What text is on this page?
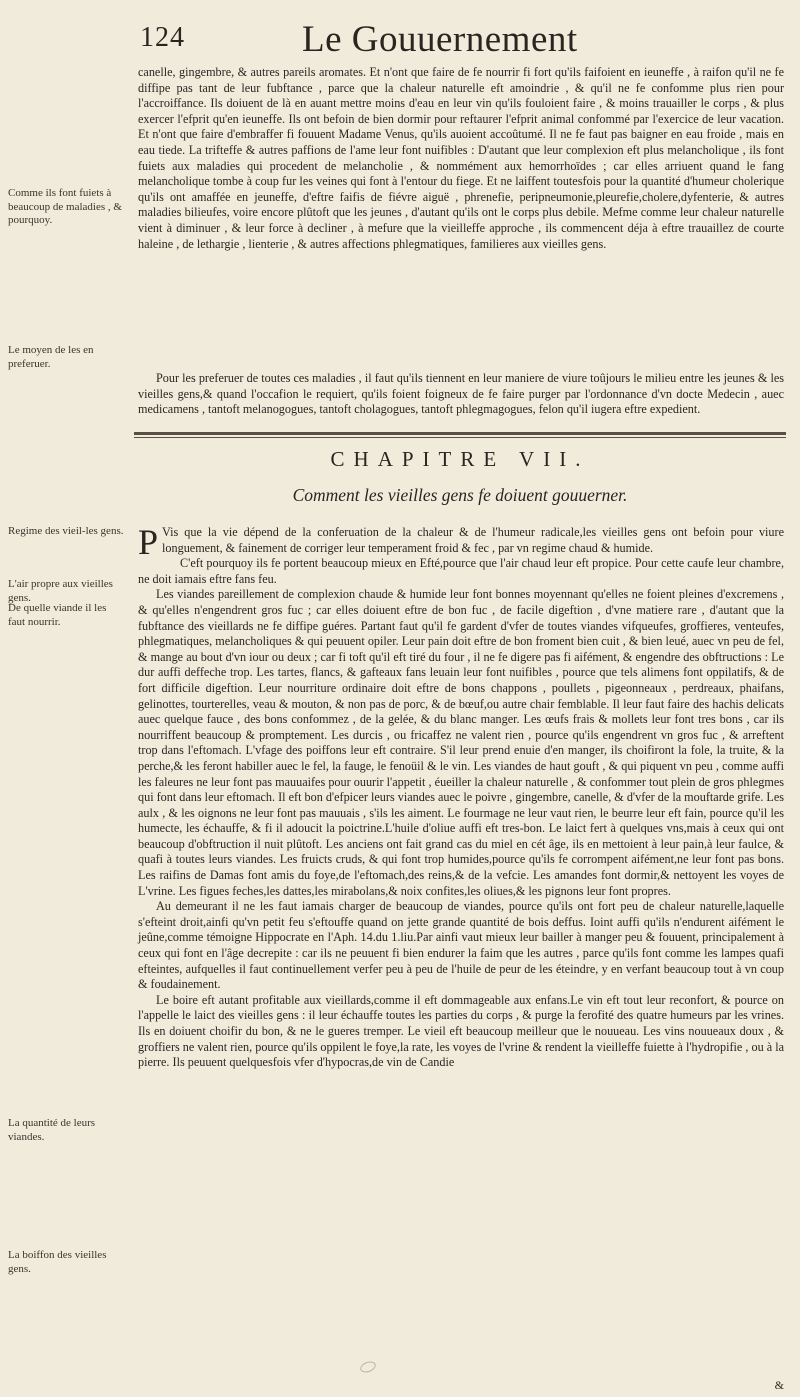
124	Le Gouuernement
Comme ils font fuiets à beaucoup de maladies , & pourquoy.
Le moyen de les en preferuer.
Regime des vieil-les gens.
L'air propre aux vieilles gens.
De quelle viande il les faut nourrir.
La quantité de leurs viandes.
La boiffon des vieilles gens.

canelle, gingembre, & autres pareils aromates. Et n'ont que faire de fe nourrir fi fort qu'ils faifoient en ieuneffe , à raifon qu'il ne fe diffipe pas tant de leur fubftance , parce que la chaleur naturelle eft amoindrie , & qu'il ne fe confomme plus rien pour l'accroiffance. Ils doiuent de là en auant mettre moins d'eau en leur vin qu'ils fouloient faire , & moins trauailler le corps , & plus exercer l'efprit qu'en ieuneffe. Ils ont befoin de bien dormir pour reftaurer l'efprit animal confommé par l'exercice de leur vacation. Et n'ont que faire d'embraffer fi fouuent Madame Venus, qu'ils auoient accoûtumé. Il ne fe faut pas baigner en eau froide , mais en eau tiede. La trifteffe & autres paffions de l'ame leur font nuifibles : D'autant que leur complexion eft plus melancholique , ils font fuiets aux maladies qui procedent de melancholie , & nommément aux hemorrhoïdes ; car elles arriuent quand le fang melancholique tombe à coup fur les veines qui font à l'entour du fiege. Et ne laiffent toutesfois pour la quantité d'humeur cholerique qu'ils ont amaffée en jeuneffe, d'eftre faifis de fiévre aiguë , phrenefie, peripneumonie,pleurefie,cholere,dyfenterie, & autres maladies bilieufes, voire encore plûtoft que les jeunes , d'autant qu'ils ont le corps plus debile. Mefme comme leur chaleur naturelle vient à diminuer , & leur force à decliner , à mefure que la vieilleffe approche , ils commencent déja à eftre trauaillez de courte haleine , de lethargie , lienterie , & autres affections phlegmatiques, familieres aux vieilles gens.

Pour les preferuer de toutes ces maladies , il faut qu'ils tiennent en leur maniere de viure toûjours le milieu entre les jeunes & les vieilles gens,& quand l'occafion le requiert, qu'ils foient foigneux de fe faire purger par l'ordonnance d'vn docte Medecin , auec medicamens , tantoft melanogogues, tantoft cholagogues, tantoft phlegmagogues, felon qu'il iugera eftre expedient.

CHAPITRE VII.
Comment les vieilles gens fe doiuent gouuerner.

P Vis que la vie dépend de la conferuation de la chaleur & de l'humeur radicale,les vieilles gens ont befoin pour viure longuement, & fainement de corriger leur temperament froid & fec , par vn regime chaud & humide.

C'eft pourquoy ils fe portent beaucoup mieux en Efté,pource que l'air chaud leur eft propice. Pour cette caufe leur chambre, ne doit iamais eftre fans feu.

Les viandes pareillement de complexion chaude & humide leur font bonnes moyennant qu'elles ne foient pleines d'excremens , & qu'elles n'engendrent gros fuc ; car elles doiuent eftre de bon fuc , de facile digeftion , d'vne matiere rare , d'autant que la fubftance des vieillards ne fe diffipe guéres. Partant faut qu'il fe gardent d'vfer de toutes viandes vifqueufes, groffieres, venteufes, phlegmatiques, melancholiques & qui peuuent opiler. Leur pain doit eftre de bon froment bien cuit , & bien leué, auec vn peu de fel, & mange au bout d'vn iour ou deux ; car fi toft qu'il eft tiré du four , il ne fe digere pas fi aifément, & engendre des obftructions : Le dur auffi deffeche trop. Les tartes, flancs, & gafteaux fans leuain leur font nuifibles , pource que tels alimens font oppilatifs, & de fort difficile digeftion. Leur nourriture ordinaire doit eftre de bons chappons , poullets , pigeonneaux , perdreaux, phaifans, gelinottes, tourterelles, veau & mouton, & non pas de porc, & de bœuf,ou autre chair femblable. Il leur faut faire des hachis delicats auec quelque fauce , des bons confommez , de la gelée, & du blanc manger. Les œufs frais & mollets leur font tres bons , car ils nourriffent beaucoup & promptement. Les durcis , ou fricaffez ne valent rien , pource qu'ils engendrent vn gros fuc , & arreftent trop dans l'eftomach. L'vfage des poiffons leur eft contraire. S'il leur prend enuie d'en manger, ils choifiront la fole, la truite, & la perche,& les feront habiller auec le fel, la fauge, le fenoüil & le vin. Les viandes de haut gouft , & qui piquent vn peu , comme auffi les faleures ne leur font pas mauuaifes pour ouurir l'appetit , éueiller la chaleur naturelle , & confommer tout plein de gros phlegmes qui font dans leur eftomach. Il eft bon d'efpicer leurs viandes auec le poivre , gingembre, canelle, & d'vfer de la mouftarde grife. Les aulx , & les oignons ne leur font pas mauuais , s'ils les aiment. Le fourmage ne leur vaut rien, le beurre leur eft fain, pource qu'il les humecte, les échauffe, & fi il adoucit la poictrine.L'huile d'oliue auffi eft tres-bon. Le laict fert à quelques vns,mais à ceux qui ont beaucoup d'obftruction il nuit plûtoft. Les anciens ont fait grand cas du miel en cét âge, ils en mettoient à leur pain,à leur faulce, & quafi à toutes leurs viandes. Les fruicts cruds, & qui font trop humides,pource qu'ils fe corrompent aifément,ne leur font pas bons. Les raifins de Damas font amis du foye,de l'eftomach,des reins,& de la vefcie. Les amandes font dormir,& nettoyent les voyes de L'vrine. Les figues feches,les dattes,les mirabolans,& noix confites,les oliues,& les pignons leur font propres.

Au demeurant il ne les faut iamais charger de beaucoup de viandes, pource qu'ils ont fort peu de chaleur naturelle,laquelle s'efteint droit,ainfi qu'vn petit feu s'eftouffe quand on jette grande quantité de bois deffus. Ioint auffi qu'ils n'endurent aifément le jeûne,comme témoigne Hippocrate en l'Aph. 14.du 1.liu.Par ainfi vaut mieux leur bailler à manger peu & fouuent, principalement à ceux qui font en l'âge decrepite : car ils ne peuuent fi bien endurer la faim que les autres , parce qu'ils font comme les lampes quafi efteintes, aufquelles il faut continuellement verfer peu à peu de l'huile de peur de les éteindre, y en verfant beaucoup tout à vn coup & foudainement.

Le boire eft autant profitable aux vieillards,comme il eft dommageable aux enfans.Le vin eft tout leur reconfort, & pource on l'appelle le laict des vieilles gens : il leur échauffe toutes les parties du corps , & purge la ferofité des quatre humeurs par les vrines. Ils en doiuent choifir du bon, & ne le gueres tremper. Le vieil eft beaucoup meilleur que le nouueau. Les vins nouueaux doux , & groffiers ne valent rien, pource qu'ils oppilent le foye,la rate, les voyes de l'vrine & rendent la vieilleffe fuiette à l'hydropifie , ou à la pierre. Ils peuuent quelquesfois vfer d'hypocras,de vin de Candie

&
